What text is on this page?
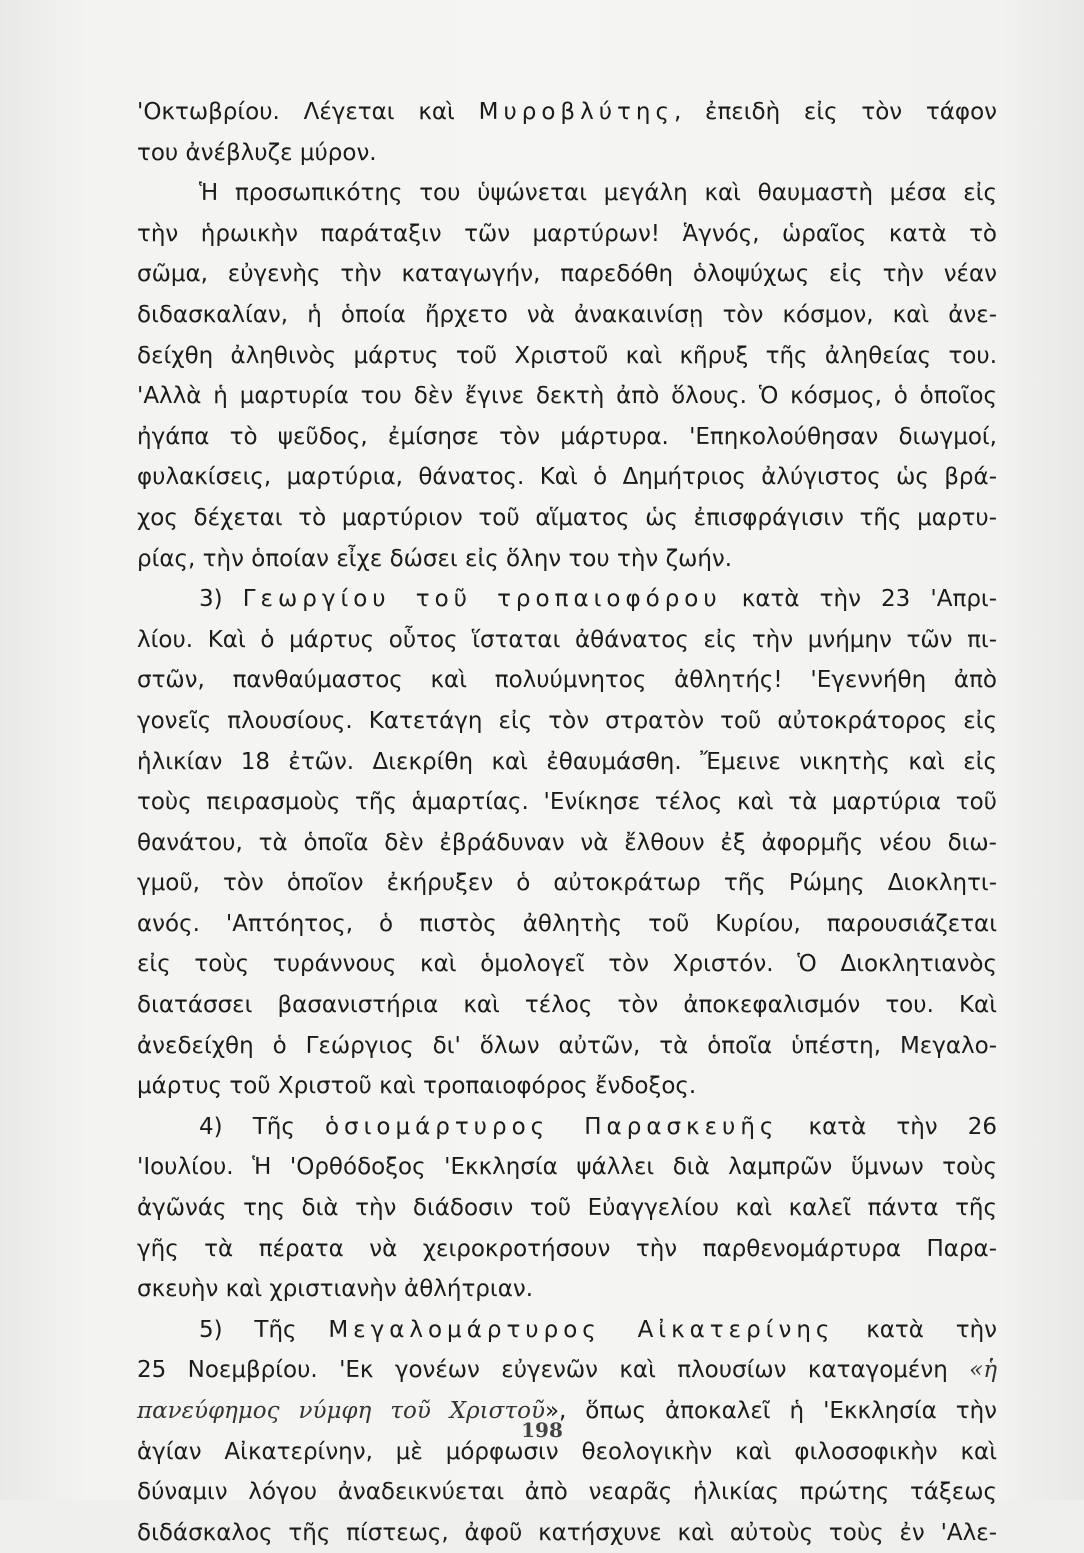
'Οκτωβρίου. Λέγεται καὶ Μυροβλύτης, ἐπειδὴ εἰς τὸν τάφον
του ἀνέβλυζε μύρον.
Ἡ προσωπικότης του ὑψώνεται μεγάλη καὶ θαυμαστὴ μέσα εἰς
τὴν ἡρωικὴν παράταξιν τῶν μαρτύρων! Ἁγνός, ὡραῖος κατὰ τὸ
σῶμα, εὐγενὴς τὴν καταγωγήν, παρεδόθη ὁλοψύχως εἰς τὴν νέαν
διδασκαλίαν, ἡ ὁποία ἤρχετο νὰ ἀνακαινίσῃ τὸν κόσμον, καὶ ἀνε-
δείχθη ἀληθινὸς μάρτυς τοῦ Χριστοῦ καὶ κῆρυξ τῆς ἀληθείας του.
'Αλλὰ ἡ μαρτυρία του δὲν ἔγινε δεκτὴ ἀπὸ ὅλους. Ὁ κόσμος, ὁ ὁποῖος
ἠγάπα τὸ ψεῦδος, ἐμίσησε τὸν μάρτυρα. 'Επηκολούθησαν διωγμοί,
φυλακίσεις, μαρτύρια, θάνατος. Καὶ ὁ Δημήτριος ἀλύγιστος ὡς βρά-
χος δέχεται τὸ μαρτύριον τοῦ αἵματος ὡς ἐπισφράγισιν τῆς μαρτυ-
ρίας, τὴν ὁποίαν εἶχε δώσει εἰς ὅλην του τὴν ζωήν.
3) Γεωργίου τοῦ τροπαιοφόρου κατὰ τὴν 23 'Απρι-
λίου. Καὶ ὁ μάρτυς οὗτος ἵσταται ἀθάνατος εἰς τὴν μνήμην τῶν πι-
στῶν, πανθαύμαστος καὶ πολυύμνητος ἀθλητής! 'Εγεννήθη ἀπὸ
γονεῖς πλουσίους. Κατετάγη εἰς τὸν στρατὸν τοῦ αὐτοκράτορος εἰς
ἡλικίαν 18 ἐτῶν. Διεκρίθη καὶ ἐθαυμάσθη. Ἔμεινε νικητὴς καὶ εἰς
τοὺς πειρασμοὺς τῆς ἁμαρτίας. 'Ενίκησε τέλος καὶ τὰ μαρτύρια τοῦ
θανάτου, τὰ ὁποῖα δὲν ἐβράδυναν νὰ ἔλθουν ἐξ ἀφορμῆς νέου διω-
γμοῦ, τὸν ὁποῖον ἐκήρυξεν ὁ αὐτοκράτωρ τῆς Ρώμης Διοκλητι-
ανός. 'Απτόητος, ὁ πιστὸς ἀθλητὴς τοῦ Κυρίου, παρουσιάζεται
εἰς τοὺς τυράννους καὶ ὁμολογεῖ τὸν Χριστόν. Ὁ Διοκλητιανὸς
διατάσσει βασανιστήρια καὶ τέλος τὸν ἀποκεφαλισμόν του. Καὶ
ἀνεδείχθη ὁ Γεώργιος δι' ὅλων αὐτῶν, τὰ ὁποῖα ὑπέστη, Μεγαλο-
μάρτυς τοῦ Χριστοῦ καὶ τροπαιοφόρος ἔνδοξος.
4) Τῆς ὁσιομάρτυρος Παρασκευῆς κατὰ τὴν 26
'Ιουλίου. Ἡ 'Ορθόδοξος 'Εκκλησία ψάλλει διὰ λαμπρῶν ὕμνων τοὺς
ἀγῶνάς της διὰ τὴν διάδοσιν τοῦ Εὐαγγελίου καὶ καλεῖ πάντα τῆς
γῆς τὰ πέρατα νὰ χειροκροτήσουν τὴν παρθενομάρτυρα Παρα-
σκευὴν καὶ χριστιανὴν ἀθλήτριαν.
5) Τῆς Μεγαλομάρτυρος Αἰκατερίνης κατὰ τὴν
25 Νοεμβρίου. 'Εκ γονέων εὐγενῶν καὶ πλουσίων καταγομένη «ἡ
πανεύφημος νύμφη τοῦ Χριστοῦ», ὅπως ἀποκαλεῖ ἡ 'Εκκλησία τὴν
ἁγίαν Αἰκατερίνην, μὲ μόρφωσιν θεολογικὴν καὶ φιλοσοφικὴν καὶ
δύναμιν λόγου ἀναδεικνύεται ἀπὸ νεαρᾶς ἡλικίας πρώτης τάξεως
διδάσκαλος τῆς πίστεως, ἀφοῦ κατήσχυνε καὶ αὐτοὺς τοὺς ἐν 'Αλε-
198
